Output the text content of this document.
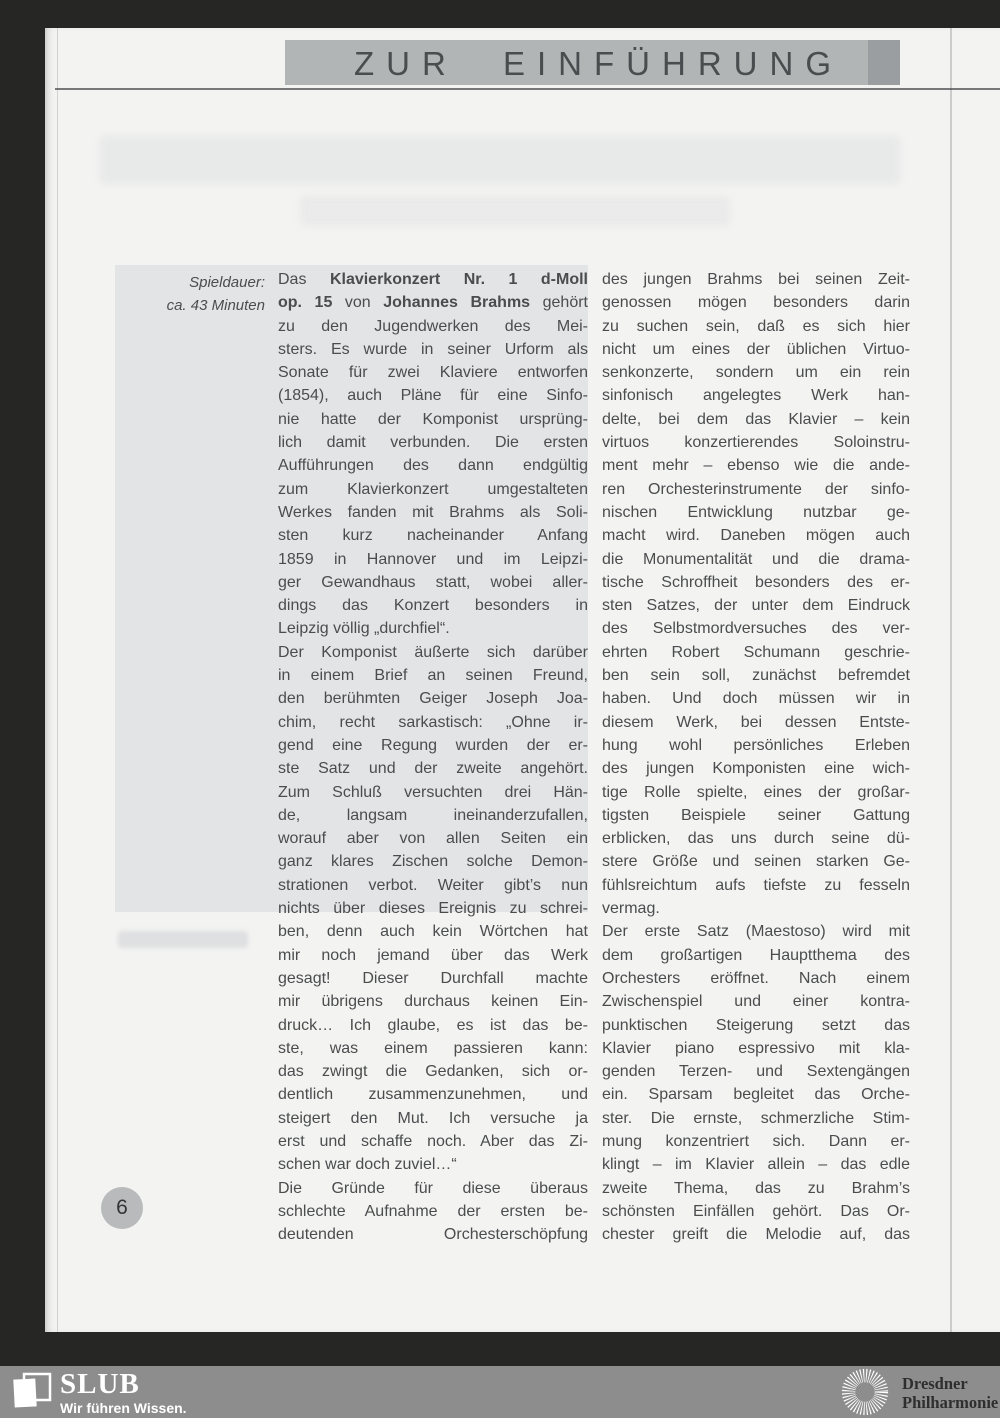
ZUR EINFÜHRUNG
Spieldauer:
ca. 43 Minuten
Das Klavierkonzert Nr. 1 d-Moll
op. 15 von Johannes Brahms gehört
zu den Jugendwerken des Mei-
sters. Es wurde in seiner Urform als
Sonate für zwei Klaviere entworfen
(1854), auch Pläne für eine Sinfo-
nie hatte der Komponist ursprüng-
lich damit verbunden. Die ersten
Aufführungen des dann endgültig
zum Klavierkonzert umgestalteten
Werkes fanden mit Brahms als Soli-
sten kurz nacheinander Anfang
1859 in Hannover und im Leipzi-
ger Gewandhaus statt, wobei aller-
dings das Konzert besonders in
Leipzig völlig „durchfiel“.
Der Komponist äußerte sich darüber
in einem Brief an seinen Freund,
den berühmten Geiger Joseph Joa-
chim, recht sarkastisch: „Ohne ir-
gend eine Regung wurden der er-
ste Satz und der zweite angehört.
Zum Schluß versuchten drei Hän-
de, langsam ineinanderzufallen,
worauf aber von allen Seiten ein
ganz klares Zischen solche Demon-
strationen verbot. Weiter gibt’s nun
nichts über dieses Ereignis zu schrei-
ben, denn auch kein Wörtchen hat
mir noch jemand über das Werk
gesagt! Dieser Durchfall machte
mir übrigens durchaus keinen Ein-
druck… Ich glaube, es ist das be-
ste, was einem passieren kann:
das zwingt die Gedanken, sich or-
dentlich zusammenzunehmen, und
steigert den Mut. Ich versuche ja
erst und schaffe noch. Aber das Zi-
schen war doch zuviel…“
Die Gründe für diese überaus
schlechte Aufnahme der ersten be-
deutenden Orchesterschöpfung
des jungen Brahms bei seinen Zeit-
genossen mögen besonders darin
zu suchen sein, daß es sich hier
nicht um eines der üblichen Virtuo-
senkonzerte, sondern um ein rein
sinfonisch angelegtes Werk han-
delte, bei dem das Klavier – kein
virtuos konzertierendes Soloinstru-
ment mehr – ebenso wie die ande-
ren Orchesterinstrumente der sinfo-
nischen Entwicklung nutzbar ge-
macht wird. Daneben mögen auch
die Monumentalität und die drama-
tische Schroffheit besonders des er-
sten Satzes, der unter dem Eindruck
des Selbstmordversuches des ver-
ehrten Robert Schumann geschrie-
ben sein soll, zunächst befremdet
haben. Und doch müssen wir in
diesem Werk, bei dessen Entste-
hung wohl persönliches Erleben
des jungen Komponisten eine wich-
tige Rolle spielte, eines der großar-
tigsten Beispiele seiner Gattung
erblicken, das uns durch seine dü-
stere Größe und seinen starken Ge-
fühlsreichtum aufs tiefste zu fesseln
vermag.
Der erste Satz (Maestoso) wird mit
dem großartigen Hauptthema des
Orchesters eröffnet. Nach einem
Zwischenspiel und einer kontra-
punktischen Steigerung setzt das
Klavier piano espressivo mit kla-
genden Terzen- und Sextengängen
ein. Sparsam begleitet das Orche-
ster. Die ernste, schmerzliche Stim-
mung konzentriert sich. Dann er-
klingt – im Klavier allein – das edle
zweite Thema, das zu Brahm’s
schönsten Einfällen gehört. Das Or-
chester greift die Melodie auf, das
6
SLUB
Wir führen Wissen.
Dresdner
Philharmonie
